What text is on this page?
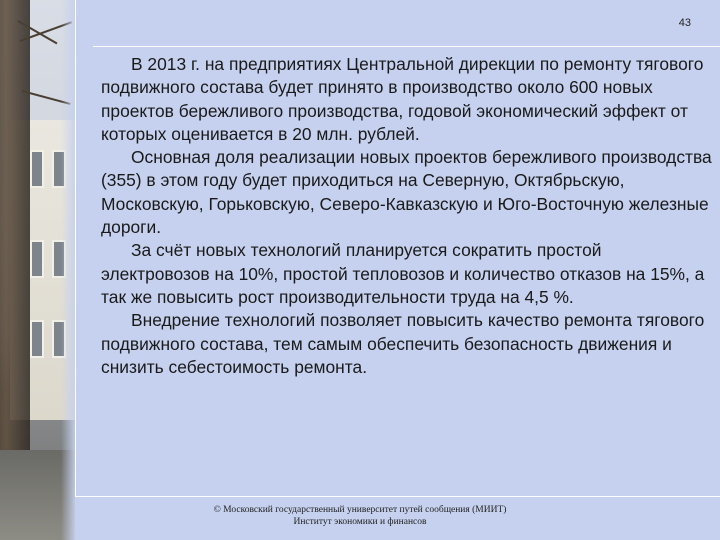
43

В 2013 г. на предприятиях Центральной дирекции по ремонту тягового подвижного состава будет принято в производство около 600 новых проектов бережливого производства, годовой экономический эффект от которых оценивается в 20 млн. рублей.

Основная доля реализации новых проектов бережливого производства (355) в этом году будет приходиться на Северную, Октябрьскую, Московскую, Горьковскую, Северо-Кавказскую и Юго-Восточную железные дороги.

За счёт новых технологий планируется сократить простой электровозов на 10%, простой тепловозов и количество отказов на 15%, а так же повысить рост производительности труда на 4,5 %.

Внедрение технологий позволяет повысить качество ремонта тягового подвижного состава, тем самым обеспечить безопасность движения и снизить себестоимость ремонта.

© Московский государственный университет путей сообщения (МИИТ)
Институт экономики и финансов
